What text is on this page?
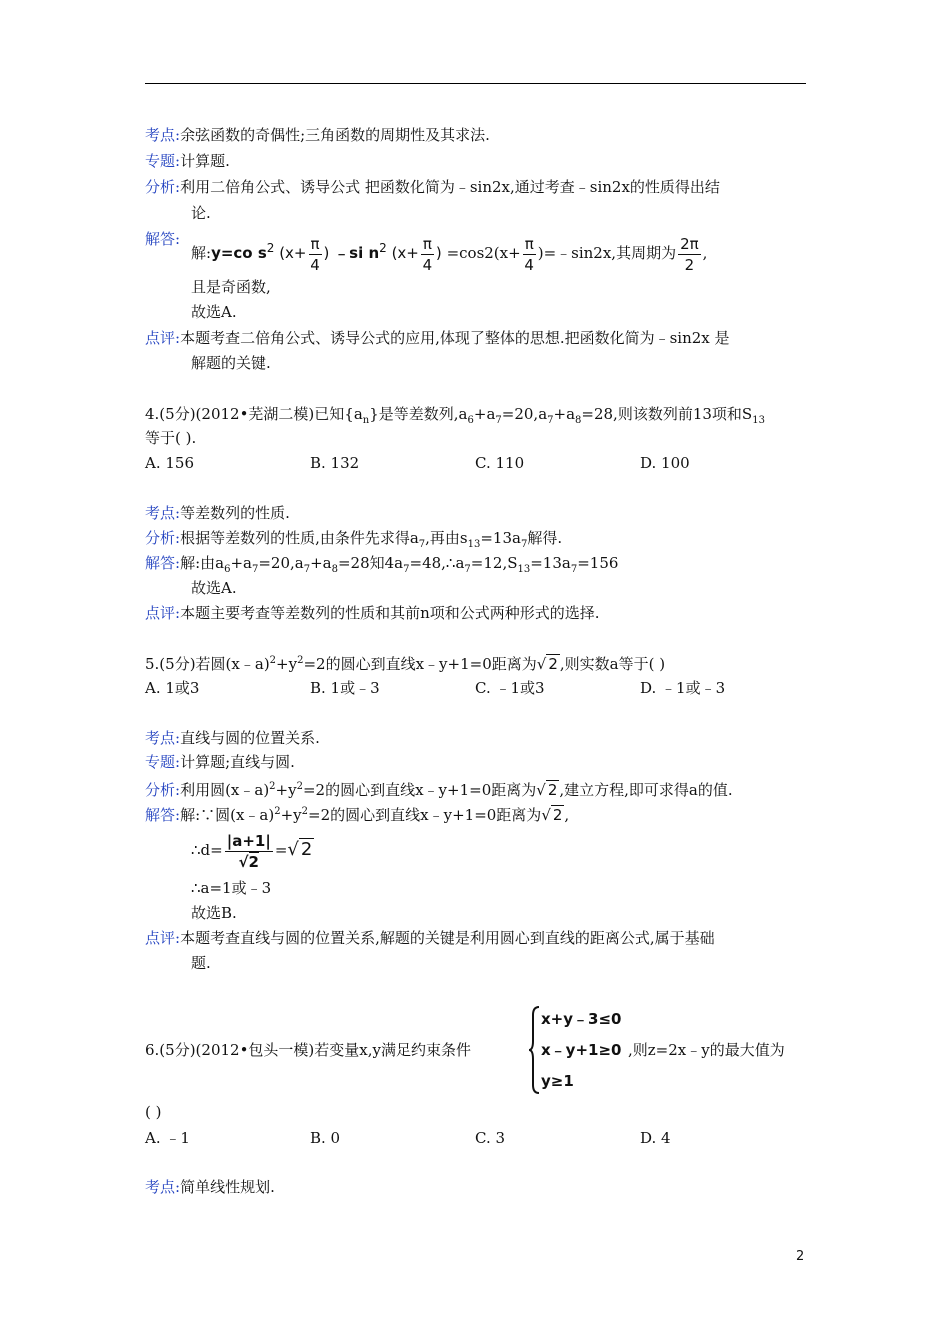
考点:余弦函数的奇偶性;三角函数的周期性及其求法.
专题:计算题.
分析:利用二倍角公式、诱导公式 把函数化简为﹣sin2x,通过考查﹣sin2x的性质得出结
论.
解答:
解:y=co $s^2$ ($x+ \frac{\pi}{4}$ ) ﹣si $n^2$ ($x+ \frac{\pi}{4}$ ) $=\cos 2(x+ \frac{\pi}{4}$ )=﹣sin2x,其周期为 $\frac{2\pi}{2}$ ,
且是奇函数,
故选A.
点评:本题考查二倍角公式、诱导公式的应用,体现了整体的思想.把函数化简为﹣sin2x 是
解题的关键.
4.(5分)(2012•芜湖二模)已知$\{a_n\}$是等差数列$,a_6+a_7=20,a_7+a_8=28$,则该数列前13项和$S_{13}$
等于( ).
A. 156	B. 132	C. 110	D. 100
考点:等差数列的性质.
分析:根据等差数列的性质,由条件先求得$a_7$,再由$s_{13}=13a_7$解得.
解答:解:由$a_6+a_7=20,a_7+a_8=28$知$4a_7=48,\therefore a_7=12,S_{13}=13a_7=156$
故选A.
点评:本题主要考查等差数列的性质和其前n项和公式两种形式的选择.
5.(5分)若圆$(x﹣a)^2+y^2=2$的圆心到直线x﹣y+1=0距离为√ 2 ,则实数a等于( )
A. 1或3	B. 1或﹣3	C. ﹣1或3	D. ﹣1或﹣3
考点:直线与圆的位置关系.
专题:计算题;直线与圆.
分析:利用圆$(x﹣a)^2+y^2=2$的圆心到直线x﹣y+1=0距离为√ 2 ,建立方程,即可求得a的值.
解答:解:∵圆$(x﹣a)^2+y^2=2$的圆心到直线x﹣y+1=0距离为√ 2 ,
∴d= $\frac{|a+1|}{√2}$ =√ 2
∴a=1或﹣3
故选B.
点评:本题考查直线与圆的位置关系,解题的关键是利用圆心到直线的距离公式,属于基础
题.
6.(5分)(2012•包头一模)若变量x,y满足约束条件
x+y﹣3≤0
x﹣y+1≥0
y≥1
,则z=2x﹣y的最大值为
( )
A. ﹣1	B. 0	C. 3	D. 4
考点:简单线性规划.
2
